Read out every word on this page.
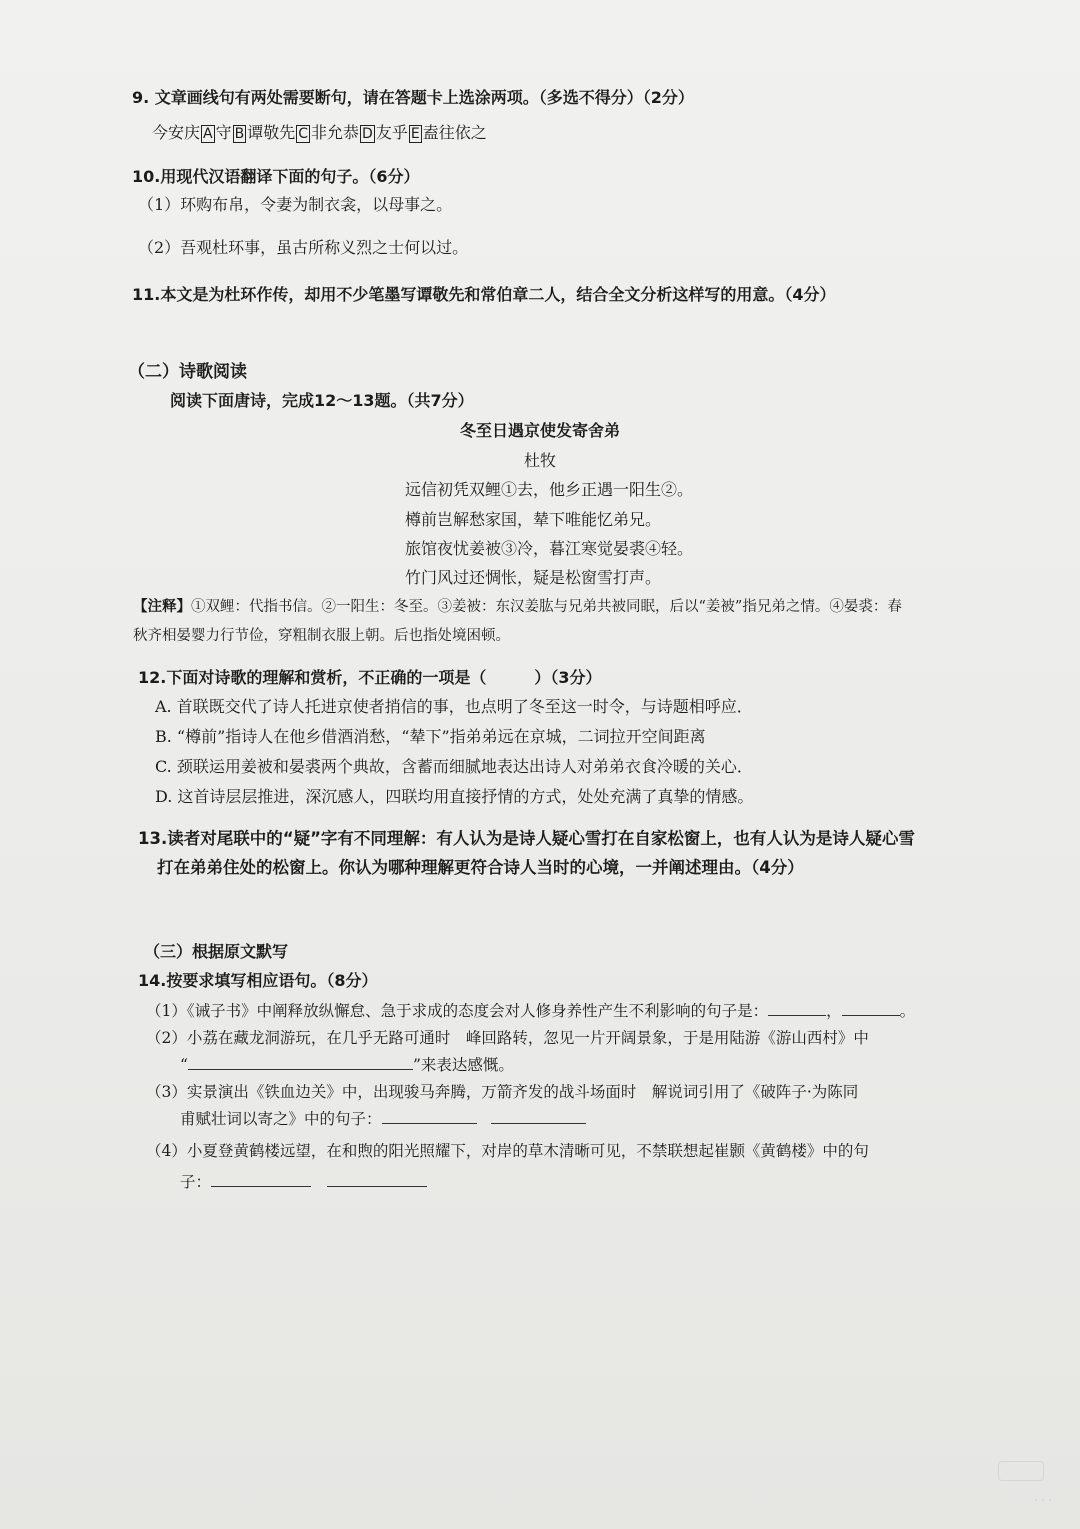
9. 文章画线句有两处需要断句，请在答题卡上选涂两项。（多选不得分）（2分）
今安庆 A 守 B 谭敬先 C 非允恭 D 友乎 E 盍往依之
10.用现代汉语翻译下面的句子。（6分）
（1）环购布帛，令妻为制衣衾，以母事之。
（2）吾观杜环事，虽古所称义烈之士何以过。
11.本文是为杜环作传，却用不少笔墨写谭敬先和常伯章二人，结合全文分析这样写的用意。（4分）
（二）诗歌阅读
阅读下面唐诗，完成12～13题。（共7分）
冬至日遇京使发寄舍弟
杜牧
远信初凭双鲤①去，他乡正遇一阳生②。
樽前岂解愁家国，辇下唯能忆弟兄。
旅馆夜忧姜被③冷，暮江寒觉晏裘④轻。
竹门风过还惆怅，疑是松窗雪打声。
【注释】①双鲤：代指书信。②一阳生：冬至。③姜被：东汉姜肱与兄弟共被同眠，后以“姜被”指兄弟之情。④晏裘：春
秋齐相晏婴力行节俭，穿粗制衣服上朝。后也指处境困顿。
12.下面对诗歌的理解和赏析，不正确的一项是（　　　）（3分）
A. 首联既交代了诗人托进京使者捎信的事，也点明了冬至这一时令，与诗题相呼应．
B. “樽前”指诗人在他乡借酒消愁，“辇下”指弟弟远在京城，二词拉开空间距离
C. 颈联运用姜被和晏裘两个典故，含蓄而细腻地表达出诗人对弟弟衣食冷暖的关心．
D. 这首诗层层推进，深沉感人，四联均用直接抒情的方式，处处充满了真挚的情感。
13.读者对尾联中的“疑”字有不同理解：有人认为是诗人疑心雪打在自家松窗上，也有人认为是诗人疑心雪
打在弟弟住处的松窗上。你认为哪种理解更符合诗人当时的心境，一并阐述理由。（4分）
（三）根据原文默写
14.按要求填写相应语句。（8分）
（1）《诫子书》中阐释放纵懈怠、急于求成的态度会对人修身养性产生不利影响的句子是：	，	。
（2）小荔在藏龙洞游玩，在几乎无路可通时　峰回路转，忽见一片开阔景象，于是用陆游《游山西村》中
“	”来表达感慨。
（3）实景演出《铁血边关》中，出现骏马奔腾，万箭齐发的战斗场面时　解说词引用了《破阵子·为陈同
甫赋壮词以寄之》中的句子：
（4）小夏登黄鹤楼远望，在和煦的阳光照耀下，对岸的草木清晰可见，不禁联想起崔颢《黄鹤楼》中的句
子：
· · ·
